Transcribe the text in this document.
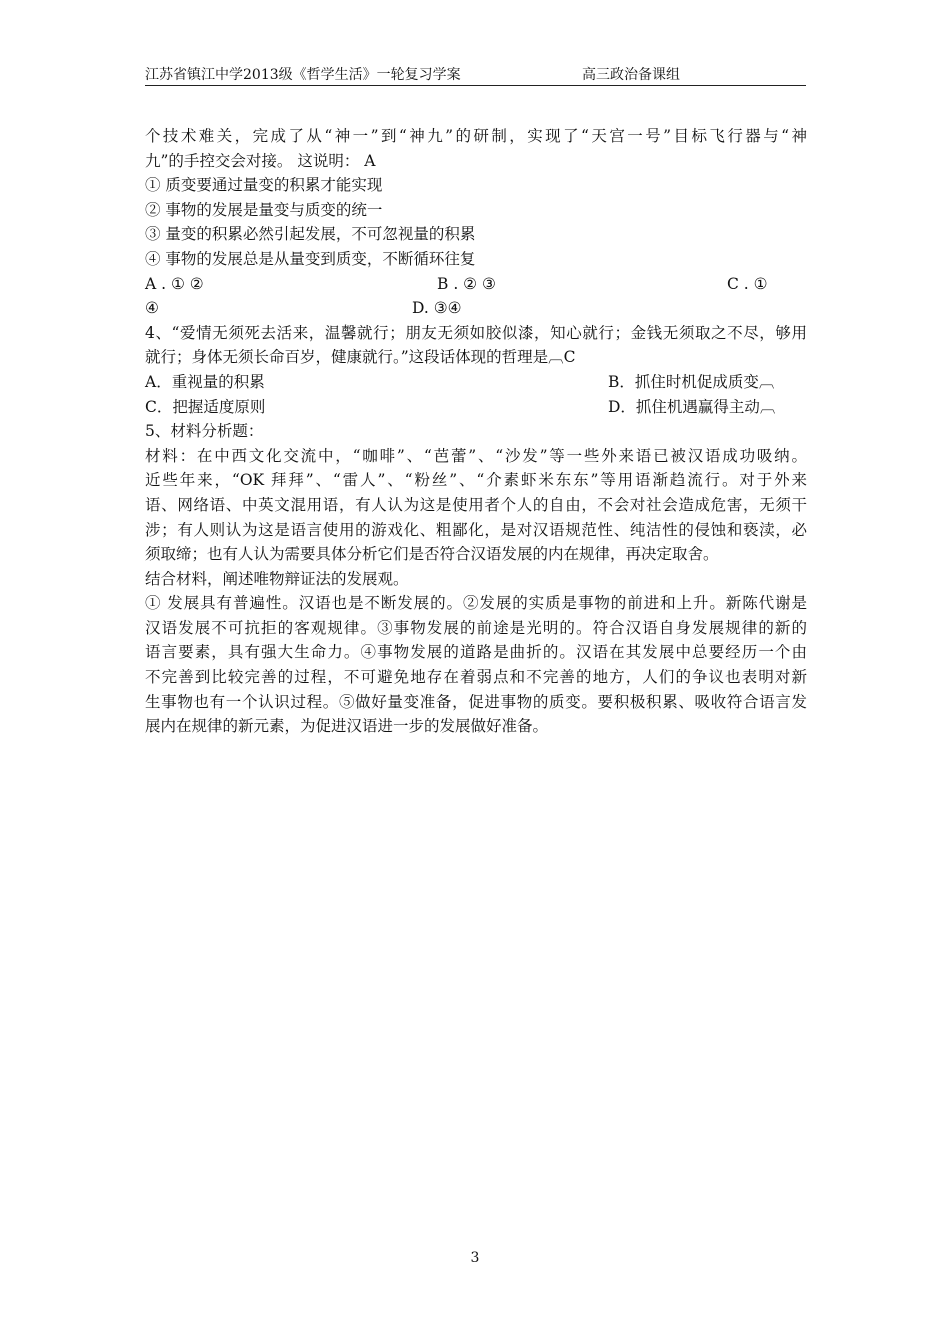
江苏省镇江中学2013级《哲学生活》一轮复习学案	高三政治备课组
个技术难关，完成了从“神一”到“神九”的研制，实现了“天宫一号”目标飞行器与“神
九”的手控交会对接。 这说明： A
① 质变要通过量变的积累才能实现
② 事物的发展是量变与质变的统一
③ 量变的积累必然引起发展，不可忽视量的积累
④ 事物的发展总是从量变到质变，不断循环往复
A . ① ②	B . ② ③	C . ①
④	D. ③④
4、“爱情无须死去活来，温馨就行；朋友无须如胶似漆，知心就行；金钱无须取之不尽，够用
就行；身体无须长命百岁，健康就行。”这段话体现的哲理是︹C
A．重视量的积累	B．抓住时机促成质变︹
C．把握适度原则	D．抓住机遇赢得主动︹
5、材料分析题：
材料：在中西文化交流中，“咖啡”、“芭蕾”、“沙发”等一些外来语已被汉语成功吸纳。
近些年来，“OK 拜拜”、“雷人”、“粉丝”、“介素虾米东东”等用语渐趋流行。对于外来
语、网络语、中英文混用语，有人认为这是使用者个人的自由，不会对社会造成危害，无须干
涉；有人则认为这是语言使用的游戏化、粗鄙化，是对汉语规范性、纯洁性的侵蚀和亵渎，必
须取缔；也有人认为需要具体分析它们是否符合汉语发展的内在规律，再决定取舍。
结合材料，阐述唯物辩证法的发展观。
① 发展具有普遍性。汉语也是不断发展的。②发展的实质是事物的前进和上升。新陈代谢是
汉语发展不可抗拒的客观规律。③事物发展的前途是光明的。符合汉语自身发展规律的新的
语言要素，具有强大生命力。④事物发展的道路是曲折的。汉语在其发展中总要经历一个由
不完善到比较完善的过程，不可避免地存在着弱点和不完善的地方，人们的争议也表明对新
生事物也有一个认识过程。⑤做好量变准备，促进事物的质变。要积极积累、吸收符合语言发
展内在规律的新元素，为促进汉语进一步的发展做好准备。
3
